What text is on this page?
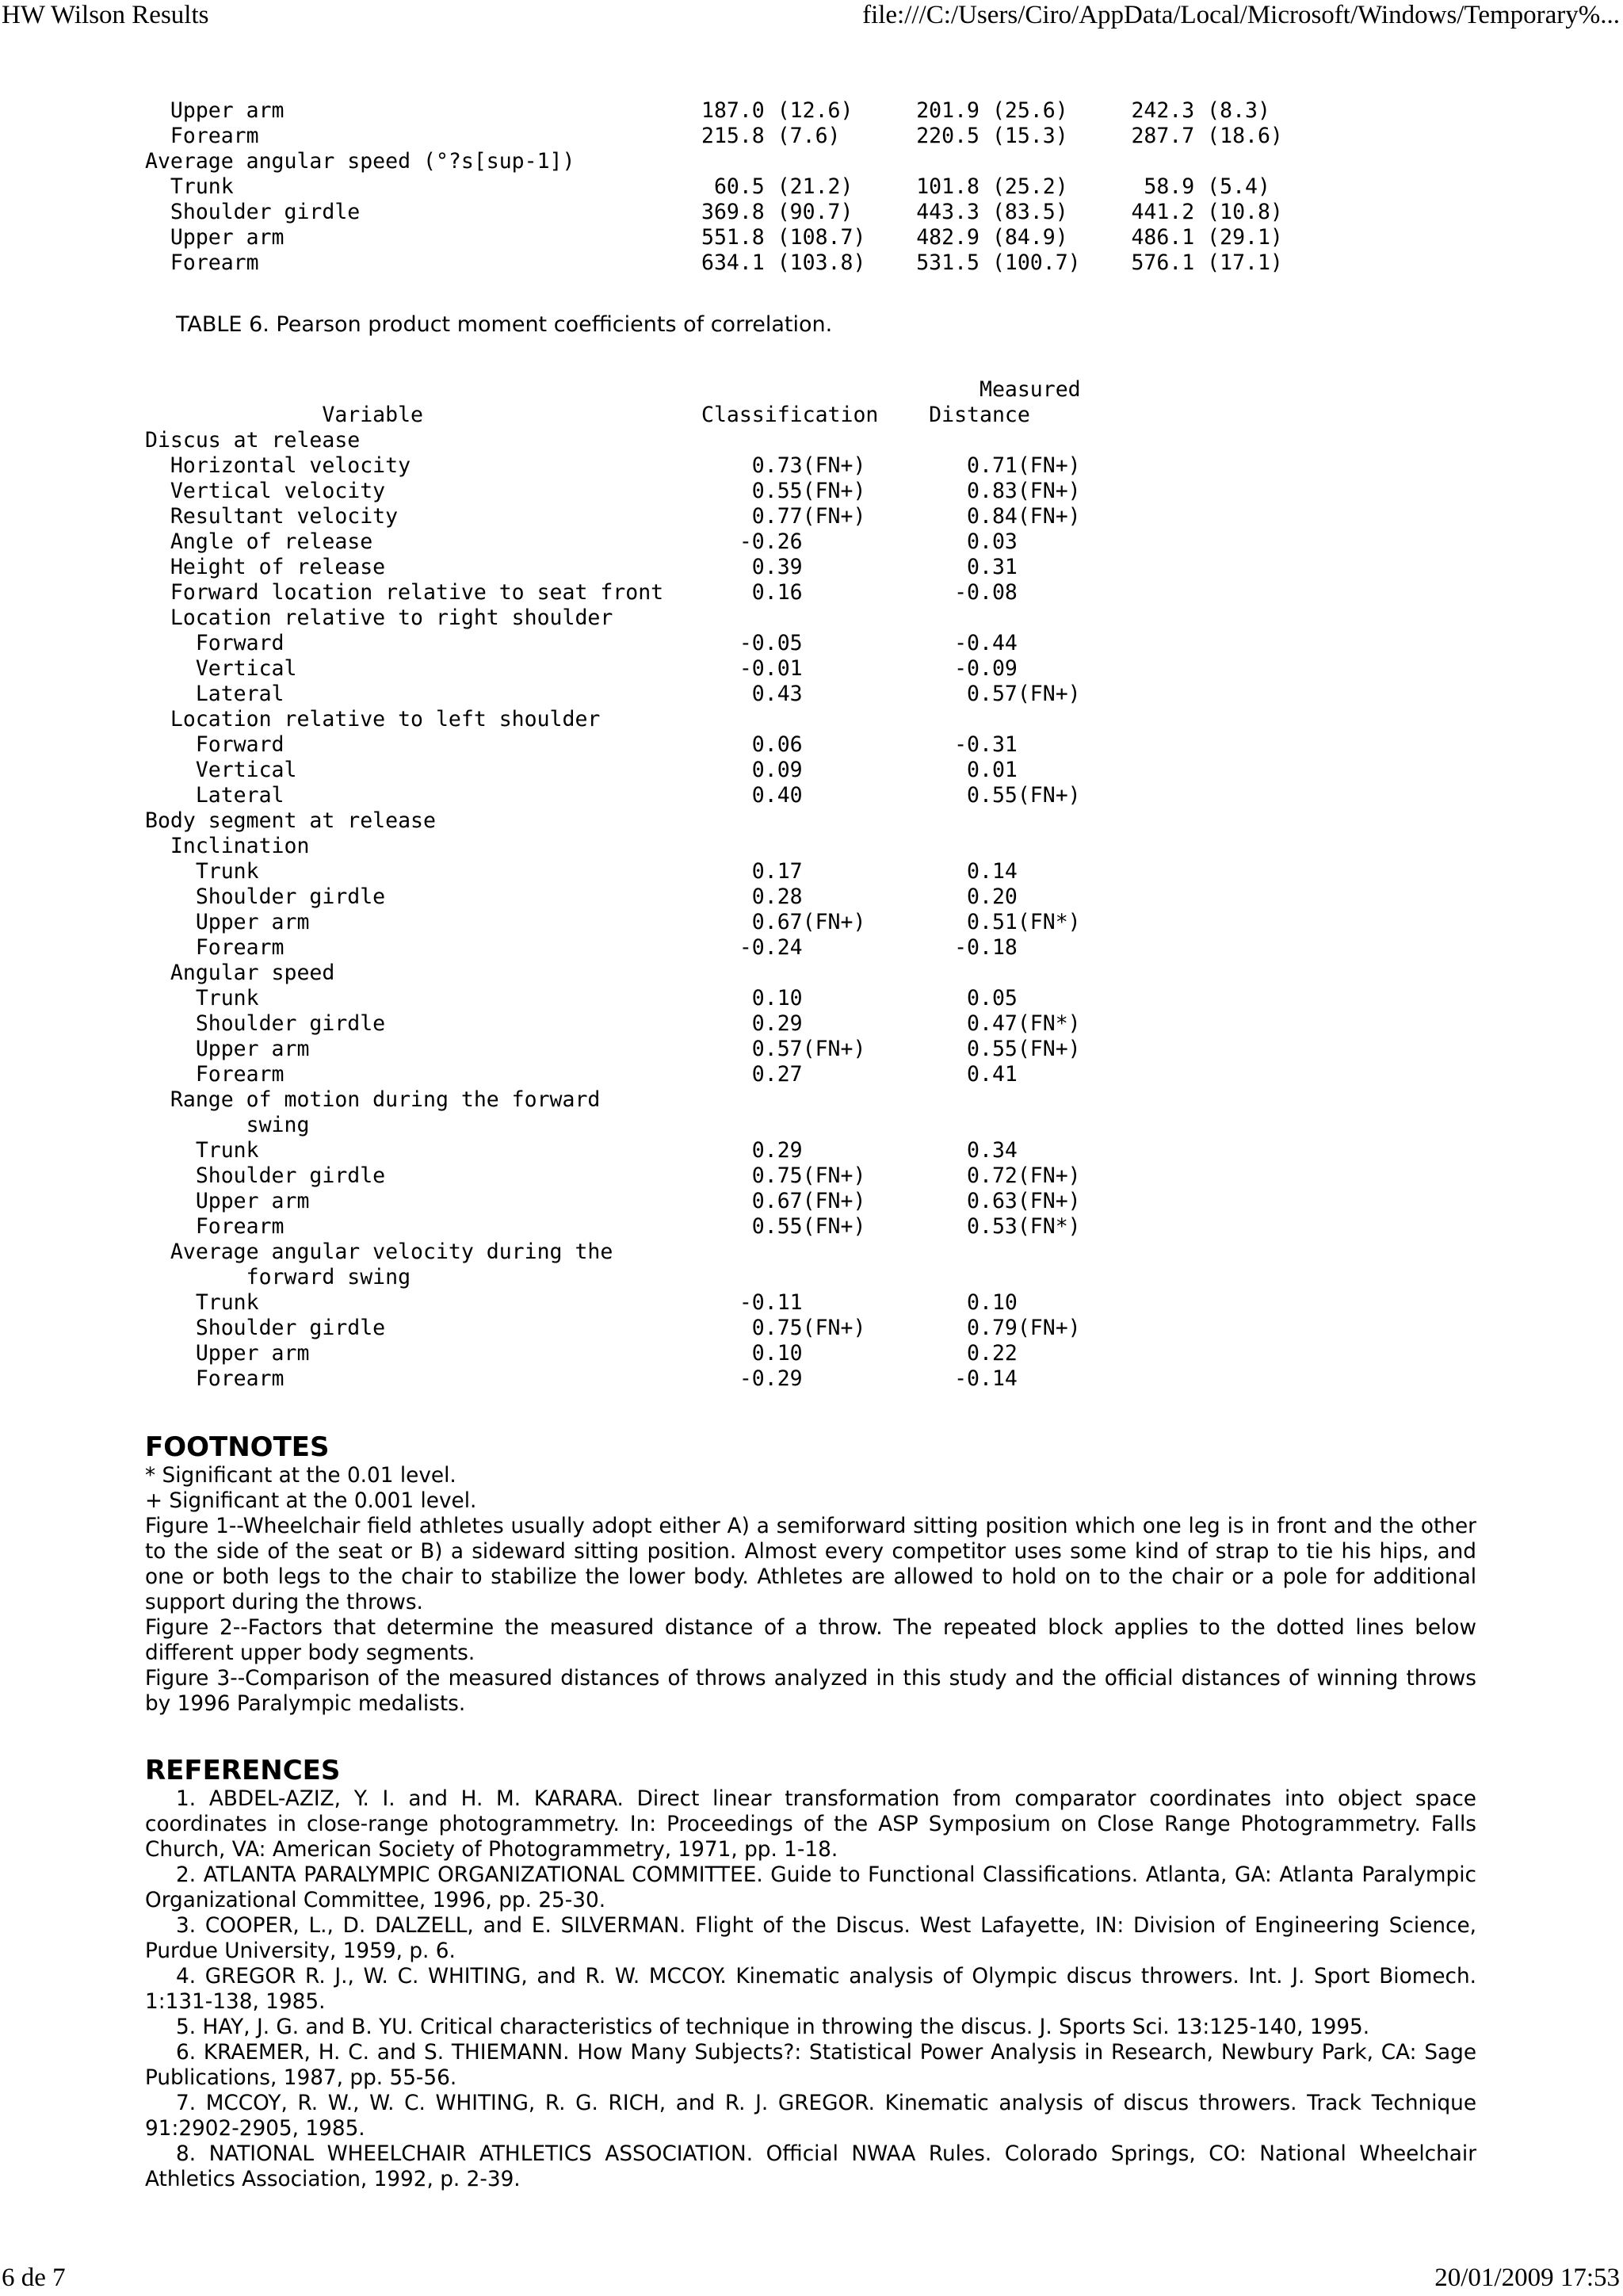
HW Wilson Results	file:///C:/Users/Ciro/AppData/Local/Microsoft/Windows/Temporary%...
Upper arm                                 187.0 (12.6)     201.9 (25.6)     242.3 (8.3)
Forearm                                   215.8 (7.6)      220.5 (15.3)     287.7 (18.6)
Average angular speed (°?s[sup-1])
Trunk                                      60.5 (21.2)     101.8 (25.2)      58.9 (5.4)
Shoulder girdle                           369.8 (90.7)     443.3 (83.5)     441.2 (10.8)
Upper arm                                 551.8 (108.7)    482.9 (84.9)     486.1 (29.1)
Forearm                                   634.1 (103.8)    531.5 (100.7)    576.1 (17.1)
TABLE 6. Pearson product moment coefficients of correlation.
Measured
Variable                      Classification    Distance
Discus at release
Horizontal velocity                           0.73(FN+)        0.71(FN+)
Vertical velocity                             0.55(FN+)        0.83(FN+)
Resultant velocity                            0.77(FN+)        0.84(FN+)
Angle of release                             -0.26             0.03
Height of release                             0.39             0.31
Forward location relative to seat front       0.16            -0.08
Location relative to right shoulder
Forward                                    -0.05            -0.44
Vertical                                   -0.01            -0.09
Lateral                                     0.43             0.57(FN+)
Location relative to left shoulder
Forward                                     0.06            -0.31
Vertical                                    0.09             0.01
Lateral                                     0.40             0.55(FN+)
Body segment at release
Inclination
Trunk                                       0.17             0.14
Shoulder girdle                             0.28             0.20
Upper arm                                   0.67(FN+)        0.51(FN*)
Forearm                                    -0.24            -0.18
Angular speed
Trunk                                       0.10             0.05
Shoulder girdle                             0.29             0.47(FN*)
Upper arm                                   0.57(FN+)        0.55(FN+)
Forearm                                     0.27             0.41
Range of motion during the forward
swing
Trunk                                       0.29             0.34
Shoulder girdle                             0.75(FN+)        0.72(FN+)
Upper arm                                   0.67(FN+)        0.63(FN+)
Forearm                                     0.55(FN+)        0.53(FN*)
Average angular velocity during the
forward swing
Trunk                                      -0.11             0.10
Shoulder girdle                             0.75(FN+)        0.79(FN+)
Upper arm                                   0.10             0.22
Forearm                                    -0.29            -0.14
FOOTNOTES

* Significant at the 0.01 level.

+ Significant at the 0.001 level.

Figure 1--Wheelchair field athletes usually adopt either A) a semiforward sitting position which one leg is in front and the other to the side of the seat or B) a sideward sitting position. Almost every competitor uses some kind of strap to tie his hips, and one or both legs to the chair to stabilize the lower body. Athletes are allowed to hold on to the chair or a pole for additional support during the throws.

Figure 2--Factors that determine the measured distance of a throw. The repeated block applies to the dotted lines below different upper body segments.

Figure 3--Comparison of the measured distances of throws analyzed in this study and the official distances of winning throws by 1996 Paralympic medalists.

REFERENCES

1. ABDEL-AZIZ, Y. I. and H. M. KARARA. Direct linear transformation from comparator coordinates into object space coordinates in close-range photogrammetry. In: Proceedings of the ASP Symposium on Close Range Photogrammetry. Falls Church, VA: American Society of Photogrammetry, 1971, pp. 1-18.

2. ATLANTA PARALYMPIC ORGANIZATIONAL COMMITTEE. Guide to Functional Classifications. Atlanta, GA: Atlanta Paralympic Organizational Committee, 1996, pp. 25-30.

3. COOPER, L., D. DALZELL, and E. SILVERMAN. Flight of the Discus. West Lafayette, IN: Division of Engineering Science, Purdue University, 1959, p. 6.

4. GREGOR R. J., W. C. WHITING, and R. W. MCCOY. Kinematic analysis of Olympic discus throwers. Int. J. Sport Biomech. 1:131-138, 1985.

5. HAY, J. G. and B. YU. Critical characteristics of technique in throwing the discus. J. Sports Sci. 13:125-140, 1995.

6. KRAEMER, H. C. and S. THIEMANN. How Many Subjects?: Statistical Power Analysis in Research, Newbury Park, CA: Sage Publications, 1987, pp. 55-56.

7. MCCOY, R. W., W. C. WHITING, R. G. RICH, and R. J. GREGOR. Kinematic analysis of discus throwers. Track Technique 91:2902-2905, 1985.

8. NATIONAL WHEELCHAIR ATHLETICS ASSOCIATION. Official NWAA Rules. Colorado Springs, CO: National Wheelchair Athletics Association, 1992, p. 2-39.

6 de 7	20/01/2009 17:53
